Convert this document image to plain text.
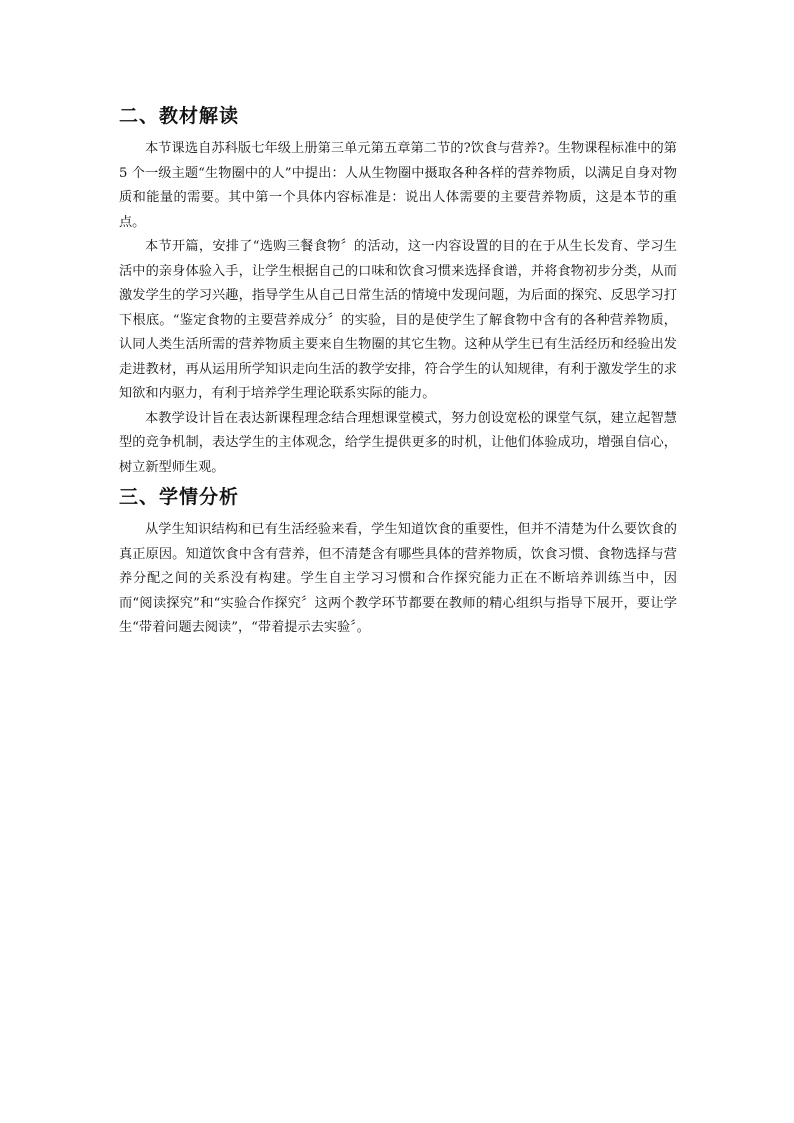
二、教材解读

本节课选自苏科版七年级上册第三单元第五章第二节的?饮食与营养?。生物课程标准中的第 5 个一级主题“生物圈中的人”中提出：人从生物圈中摄取各种各样的营养物质，以满足自身对物质和能量的需要。其中第一个具体内容标准是：说出人体需要的主要营养物质，这是本节的重点。

本节开篇，安排了“选购三餐食物〞的活动，这一内容设置的目的在于从生长发育、学习生活中的亲身体验入手，让学生根据自己的口味和饮食习惯来选择食谱，并将食物初步分类，从而激发学生的学习兴趣，指导学生从自己日常生活的情境中发现问题，为后面的探究、反思学习打下根底。“鉴定食物的主要营养成分〞的实验，目的是使学生了解食物中含有的各种营养物质，认同人类生活所需的营养物质主要来自生物圈的其它生物。这种从学生已有生活经历和经验出发走进教材，再从运用所学知识走向生活的教学安排，符合学生的认知规律，有利于激发学生的求知欲和内驱力，有利于培养学生理论联系实际的能力。

本教学设计旨在表达新课程理念结合理想课堂模式，努力创设宽松的课堂气氛，建立起智慧型的竞争机制，表达学生的主体观念，给学生提供更多的时机，让他们体验成功，增强自信心，树立新型师生观。

三、学情分析

从学生知识结构和已有生活经验来看，学生知道饮食的重要性，但并不清楚为什么要饮食的真正原因。知道饮食中含有营养，但不清楚含有哪些具体的营养物质，饮食习惯、食物选择与营养分配之间的关系没有构建。学生自主学习习惯和合作探究能力正在不断培养训练当中，因而“阅读探究”和“实验合作探究〞这两个教学环节都要在教师的精心组织与指导下展开，要让学生“带着问题去阅读”，“带着提示去实验〞。
